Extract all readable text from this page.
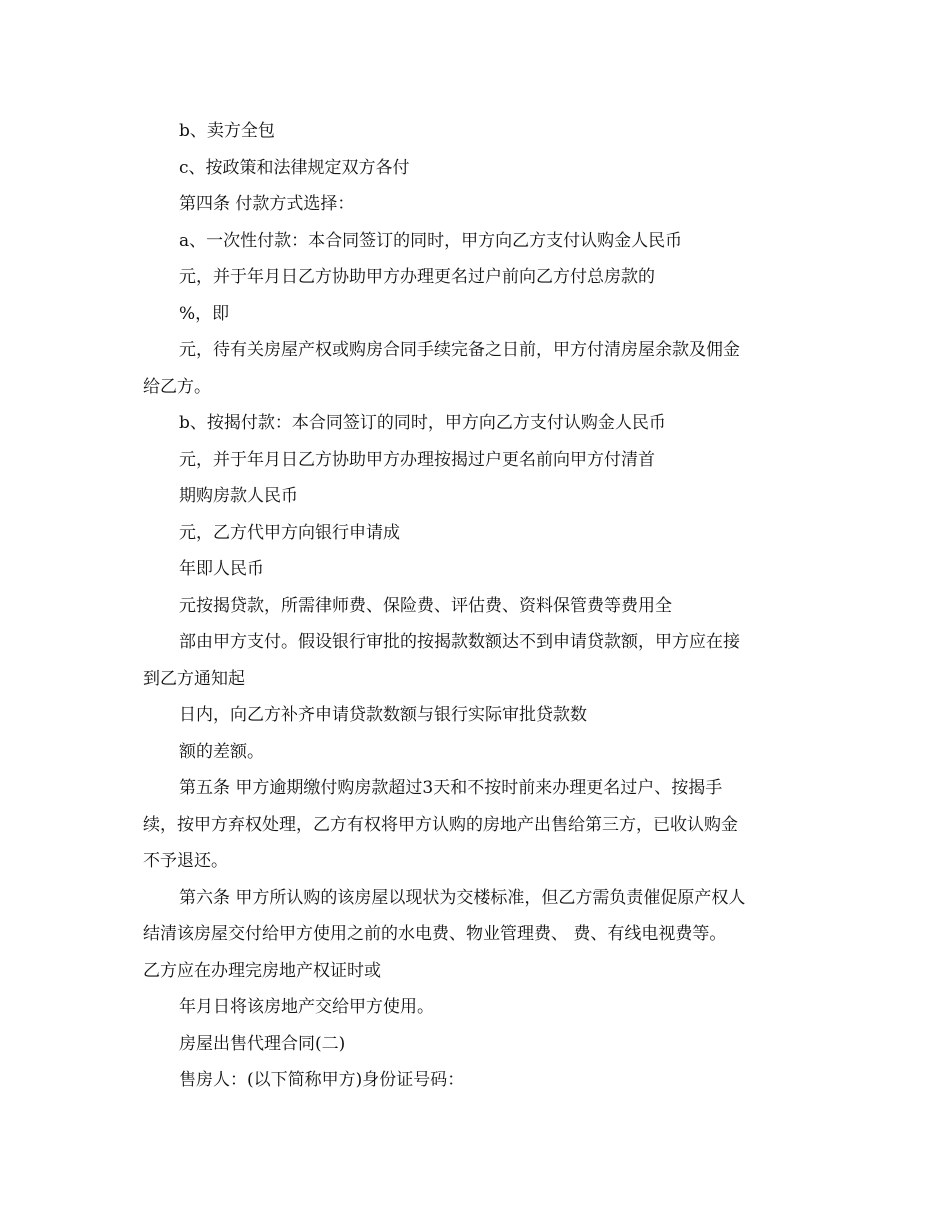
b、卖方全包
c、按政策和法律规定双方各付
第四条 付款方式选择：
a、一次性付款：本合同签订的同时，甲方向乙方支付认购金人民币
元，并于年月日乙方协助甲方办理更名过户前向乙方付总房款的
%，即
元，待有关房屋产权或购房合同手续完备之日前，甲方付清房屋余款及佣金
给乙方。
b、按揭付款：本合同签订的同时，甲方向乙方支付认购金人民币
元，并于年月日乙方协助甲方办理按揭过户更名前向甲方付清首
期购房款人民币
元，乙方代甲方向银行申请成
年即人民币
元按揭贷款，所需律师费、保险费、评估费、资料保管费等费用全
部由甲方支付。假设银行审批的按揭款数额达不到申请贷款额，甲方应在接
到乙方通知起
日内，向乙方补齐申请贷款数额与银行实际审批贷款数
额的差额。
第五条 甲方逾期缴付购房款超过3天和不按时前来办理更名过户、按揭手
续，按甲方弃权处理，乙方有权将甲方认购的房地产出售给第三方，已收认购金
不予退还。
第六条 甲方所认购的该房屋以现状为交楼标准，但乙方需负责催促原产权人
结清该房屋交付给甲方使用之前的水电费、物业管理费、 费、有线电视费等。
乙方应在办理完房地产权证时或
年月日将该房地产交给甲方使用。
房屋出售代理合同(二)
售房人：(以下简称甲方)身份证号码：
